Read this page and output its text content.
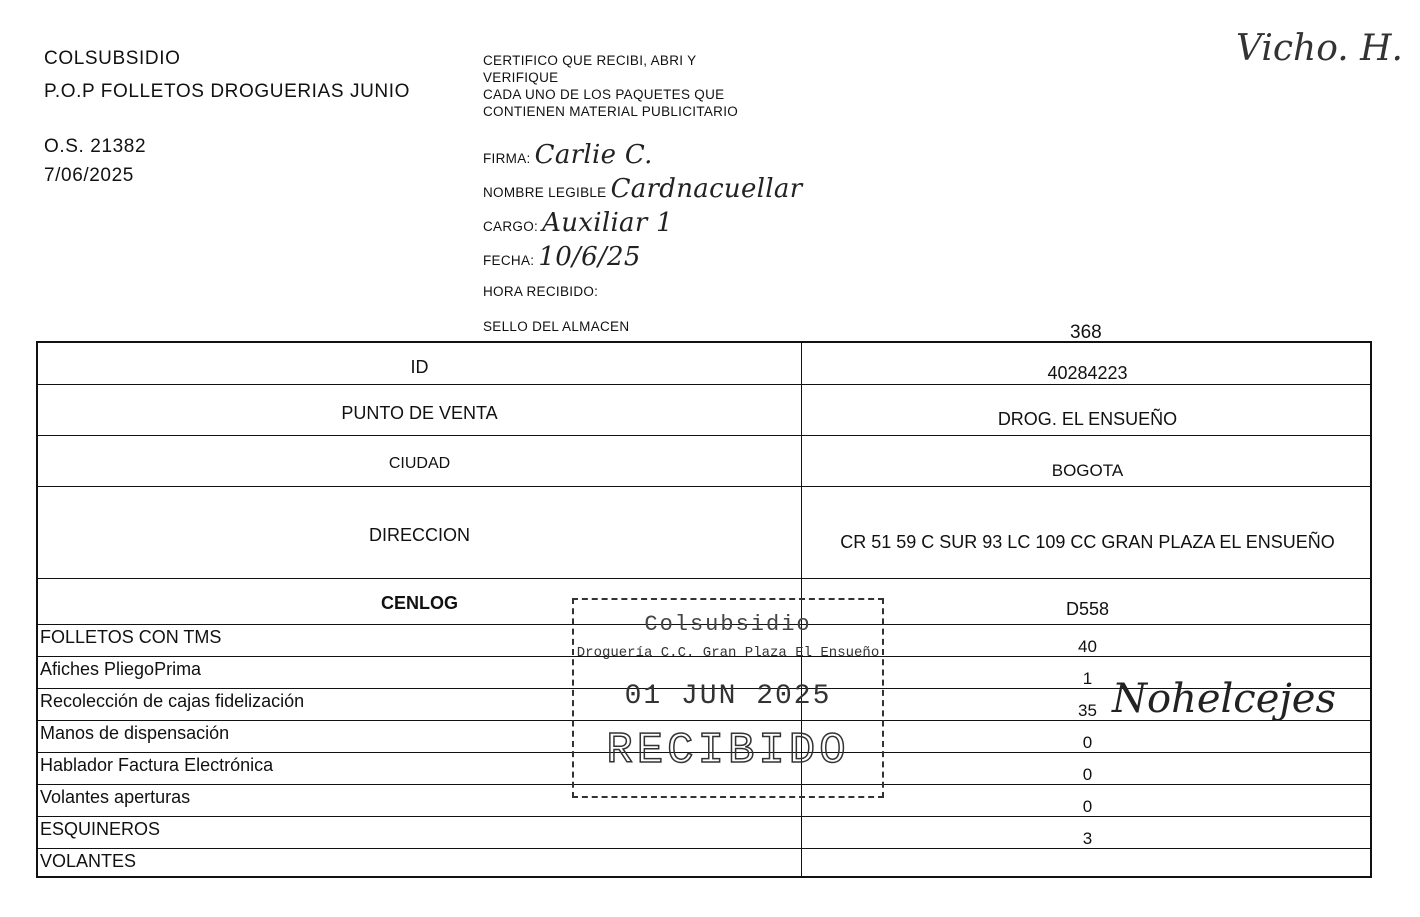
COLSUBSIDIO
P.O.P FOLLETOS DROGUERIAS JUNIO
O.S. 21382
7/06/2025
CERTIFICO QUE RECIBI, ABRI Y
VERIFIQUE
CADA UNO DE LOS PAQUETES QUE
CONTIENEN MATERIAL PUBLICITARIO
FIRMA: Carlie C.
NOMBRE LEGIBLE Cardnacuellar
CARGO: Auxiliar 1
FECHA: 10/6/25
HORA RECIBIDO:
SELLO DEL ALMACEN
Vicho. H.
368
ID	40284223
PUNTO DE VENTA	DROG. EL ENSUEÑO
CIUDAD	BOGOTA
DIRECCION	CR 51 59 C SUR 93 LC 109 CC GRAN PLAZA EL ENSUEÑO
CENLOG	D558
FOLLETOS CON TMS	40
Afiches PliegoPrima	1
Recolección de cajas fidelización	35
Manos de dispensación	0
Hablador Factura Electrónica	0
Volantes aperturas	0
ESQUINEROS	3
VOLANTES
Colsubsidio
Droguería C.C. Gran Plaza El Ensueño
01 JUN 2025
RECIBIDO
Nohelcejes
